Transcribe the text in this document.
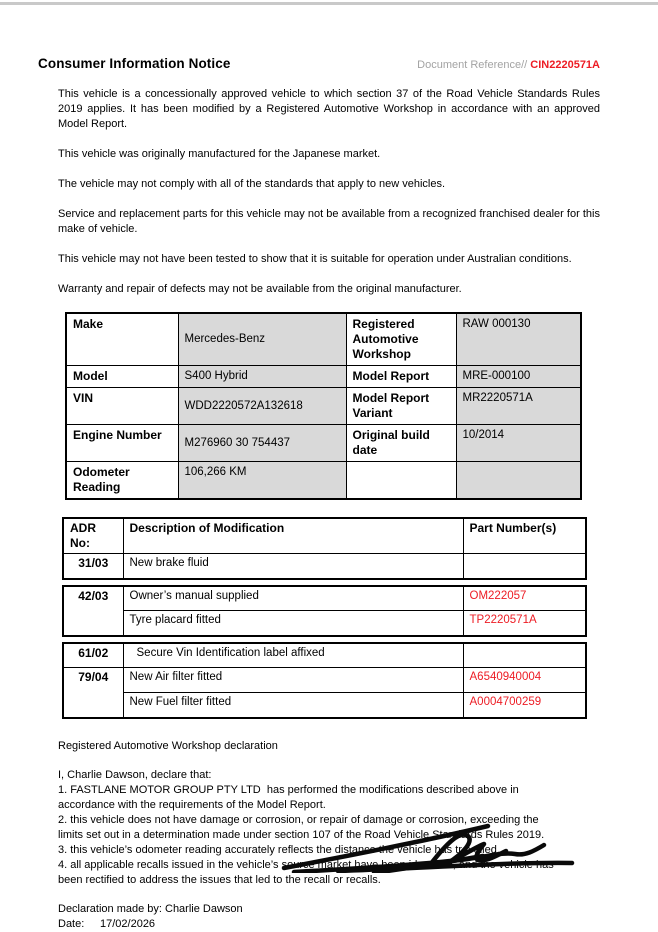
Consumer Information Notice	Document Reference// CIN2220571A

This vehicle is a concessionally approved vehicle to which section 37 of the Road Vehicle Standards Rules 2019 applies. It has been modified by a Registered Automotive Workshop in accordance with an approved Model Report.

This vehicle was originally manufactured for the Japanese market.

The vehicle may not comply with all of the standards that apply to new vehicles.

Service and replacement parts for this vehicle may not be available from a recognized franchised dealer for this make of vehicle.

This vehicle may not have been tested to show that it is suitable for operation under Australian conditions.

Warranty and repair of defects may not be available from the original manufacturer.

Make	Mercedes-Benz	Registered Automotive Workshop	RAW 000130
Model	S400 Hybrid	Model Report	MRE-000100
VIN	WDD2220572A132618	Model Report Variant	MR2220571A
Engine Number	M276960 30 754437	Original build date	10/2014
Odometer Reading	106,266 KM		
ADR No:	Description of Modification	Part Number(s)
31/03	New brake fluid	
42/03	Owner’s manual supplied	OM222057
	Tyre placard fitted	TP2220571A
61/02	Secure Vin Identification label affixed	
79/04	New Air filter fitted	A6540940004
	New Fuel filter fitted	A0004700259
Registered Automotive Workshop declaration
I, Charlie Dawson, declare that:
1. FASTLANE MOTOR GROUP PTY LTD  has performed the modifications described above in
accordance with the requirements of the Model Report.
2. this vehicle does not have damage or corrosion, or repair of damage or corrosion, exceeding the
limits set out in a determination made under section 107 of the Road Vehicle Standards Rules 2019.
3. this vehicle’s odometer reading accurately reflects the distance the vehicle has travelled.
4. all applicable recalls issued in the vehicle’s source market have been identified, and the vehicle has
been rectified to address the issues that led to the recall or recalls.
Declaration made by: Charlie Dawson
Date:	17/02/2026
